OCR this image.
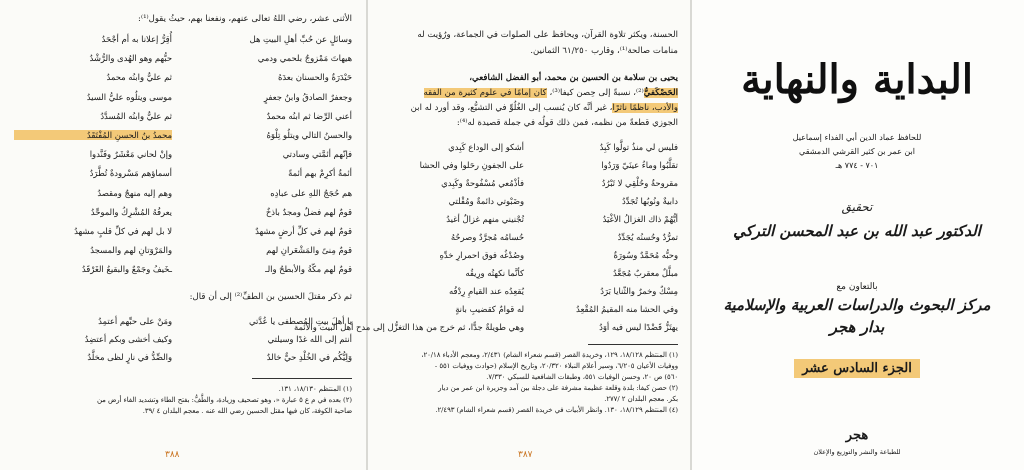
الأثنى عشر، رضي اللهُ تعالى عنهم، ونفعنا بهم، حيثُ يقول⁽¹⁾:
وسائلٍ عن حُبِّ أهلِ البيتِ هل
أُقِرُّ إعلانا به أم أجْحَدُ
هيهاتَ مَمْزوجٌ بلحمي ودمي
حبُّهم وهو الهُدى والرُّشْدُ
حَيْدَرَةٌ والحسنان بعدَهُ
ثم عليٌّ وابنُه محمدُ
وجعفرٌ الصادقُ وابنُ جعفرٍ
موسى ويتلُوه عليُّ السيدُ
أعني الرِّضا ثم ابنُه محمدٌ
ثم عليٌّ وابنُه المُسدَّدُ
والحسنُ التالي ويتلُو تِلْوَهُ
محمدُ بنُ الحسنِ المُفْتَقَدُ
فإنّهم أئمَّتي وسادتي
وإنْ لحاني مَعْشَرٌ وفَنَّدوا
أئمةٌ أكرِمْ بهم أئمةً
أسماؤهم مَسْرودةٌ تُطَّرَدُ
هم حُجَجُ اللهِ على عبادِه
وهم إليه منهجٌ ومقصدُ
قومٌ لهم فضلٌ ومجدٌ باذخٌ
يعرفُهُ المُشْرِكُ والموحِّدُ
قومٌ لهم في كلِّ أرضٍ مشهدٌ
لا بل لهم في كلِّ قلبٍ مشهدُ
قومٌ مِنىً والمَشْعَرانِ لهم
والمَرْوَتانِ لهم والمسجدُ
قومٌ لهم مكّةُ والأبطحُ والـ
ـخَيفُ وجَمْعٌ والبقيعُ الغَرْقَدُ
ثم ذكر مقتلَ الحسين بن الطفِّ⁽²⁾ إلى أن قال:
يا أهلَ بيتِ المُصطفى يا عُدَّتي
ومَنْ على حبِّهم أعتمِدُ
أنتم إلى الله غدًا وسيلتي
وكيف أخشى وبكم أعتضِدُ
وَلِيُّكُم في الخُلْدِ حيٌّ خالدٌ
والضِّدُّ في نارٍ لظى مخلَّدُ
(١) المنتظم ١٨/١٣٠، ١٣١.
(٢) بعده في م ع ٥ عبارة «، وهو تصحيف وزيادة، والطَّفُّ: بفتح الطاء وتشديد الفاء أرض من
ضاحية الكوفة، كان فيها مقتل الحسين رضي الله عنه . معجم البلدان ٤ /٣٩.
٣٨٨
الحسنة، ويكثر تلاوة القرآن، ويحافظ على الصلوات في الجماعة، ورُؤيت له
منامات صالحة⁽¹⁾، وقارب ٦١/٢٥٠ الثمانين.
يحيى بن سلامة بن الحسين بن محمد، أبو الفضل الشافعي،
الحَصْكَفيُّ⁽²⁾، نسبةً إلى حِصن كيفا⁽³⁾، كان إمامًا في علوم كثيرة من الفقه
والأدب، ناظمًا ناثرًا، غير أنَّه كان يُنسب إلى الغُلُوِّ في التشيُّع، وقد أورد له ابن
الجوزي قطعةً من نظمه، فمن ذلك قولُه في جملة قصيدة له⁽⁴⁾:
فليس لي منذُ تولَّوا كَبِدُ
أشكو إلى الوداع كَبِدي
تقلَّبُوا وماءُ عينَيّ وَرَدُوا
على الجفونِ رحَلوا وفي الحشا
مقروحةٌ وحُلْقِي لا تَبْرُدُ
فأذْمُعي مُسْفُوحةٌ وكَبِدي
دابيةٌ ونُوبُها تُجَدِّدُ
وضَبْوتي دائمةٌ ومُقْلتي
أيُّهُمْ ذاك الغزالُ الأغْيَدُ
تُجْنيني منهم غزالٌ أغيدُ
تمرُّدٌ وحُسنُه يُجَدِّدُ
حُسامُه مُجرَّدٌ وصرحُهُ
وحبُّه مُحَمَّدٌ وسُورَةٌ
وصُدْغُه فوق احمرارِ خدِّهِ
مبلَّلٌ معقربٌ مُجَعَّدُ
كأنَّما نكهتُه ورِيقُه
مِسْكٌ وخمرٌ والثّنايا بَرَدُ
يُقعِدُه عند القيامِ رِدْفُه
وفي الحشا منه المقيمُ المُقْعِدُ
له قوامٌ كقضيبِ بانةٍ
يهتَزُّ قَضْدًا ليس فيه أوَدُ
وهي طويلةٌ جدًّا، ثم خرج من هذا التغزُّل إلى مدح أهل البيت والأئمة
(١) المنتظم ١٨/١٢٨، ١٢٩، وخريدة القصر (قسم شعراء الشام) ٢/٤٣١، ومعجم الأدباء ٢٠/١٨،
ووفيات الأعيان ٦/٢٠٥، وسير أعلام النبلاء ٢٠/٣٢٠، وتاريخ الإسلام (حوادث ووفيات ٥٥١ -
٥٦٠) ص ٢٠، وحسن الوفيات ٥٥١، وطبقات الشافعية للسبكي ٧/٣٣٠.
(٢) حصن كيفا: بلدة وقلعة عظيمة مشرفة على دجلة بين آمد وجزيرة ابن عمر من ديار
بكر. معجم البلدان ٢ /٢٧٧.
(٤) المنتظم ١٨/١٢٩، ١٣٠. وانظر الأبيات في خريدة القصر (قسم شعراء الشام) ٢/٤٩٣.
٣٨٧
البداية والنهاية
للحافظ عماد الدين أبي الفداء إسماعيل
ابن عمر بن كثير القرشي الدمشقي
٧٠١ - ٧٧٤ هـ
تحقيق
الدكتور عبد الله بن عبد المحسن التركي
بالتعاون مع
مركز البحوث والدراسات العربية والإسلامية
بدار هجر
الجزء السادس عشر
هجر
للطباعة والنشر والتوزيع والإعلان
